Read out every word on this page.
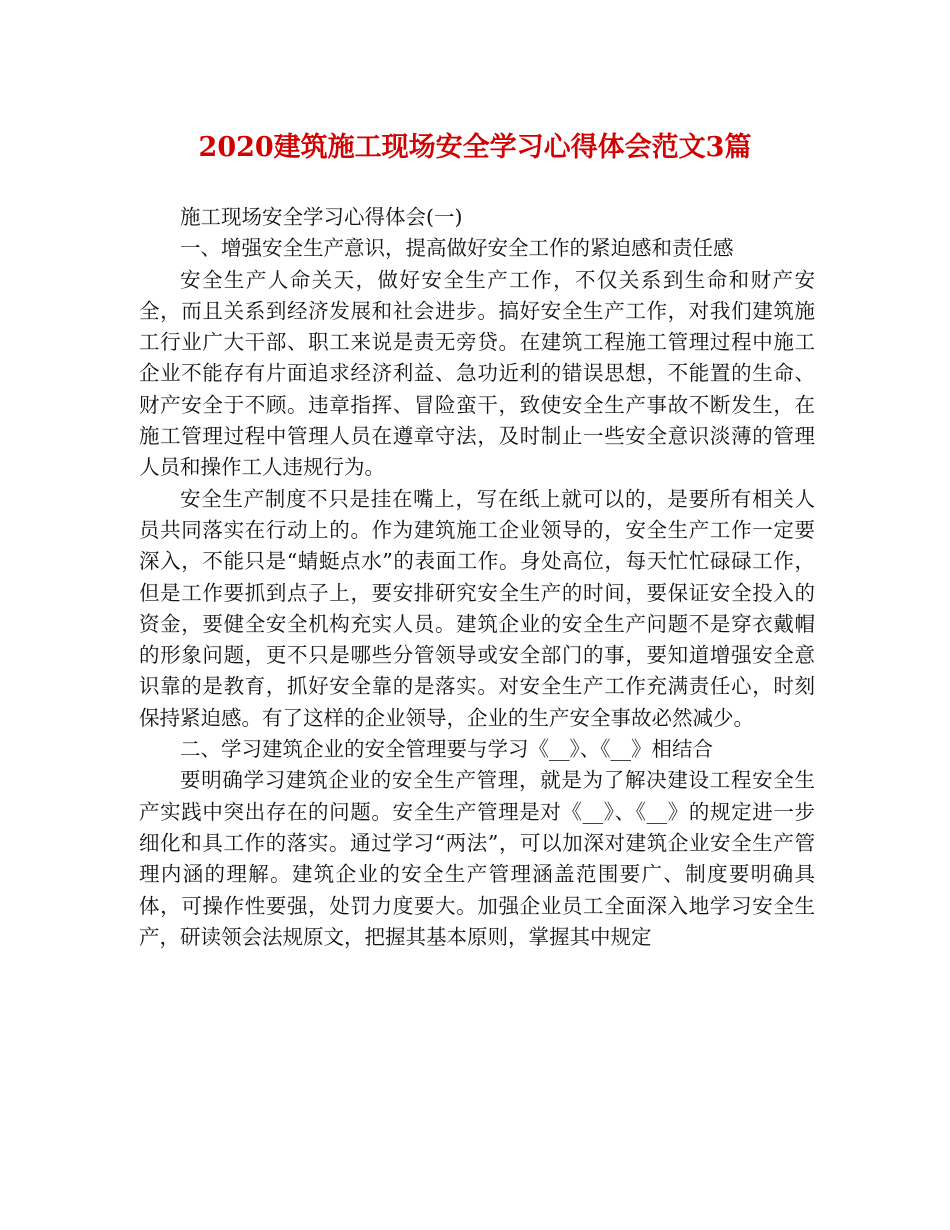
2020建筑施工现场安全学习心得体会范文3篇

施工现场安全学习心得体会(一)

一、增强安全生产意识，提高做好安全工作的紧迫感和责任感

安全生产人命关天，做好安全生产工作，不仅关系到生命和财产安全，而且关系到经济发展和社会进步。搞好安全生产工作，对我们建筑施工行业广大干部、职工来说是责无旁贷。在建筑工程施工管理过程中施工企业不能存有片面追求经济利益、急功近利的错误思想，不能置的生命、财产安全于不顾。违章指挥、冒险蛮干，致使安全生产事故不断发生，在施工管理过程中管理人员在遵章守法，及时制止一些安全意识淡薄的管理人员和操作工人违规行为。

安全生产制度不只是挂在嘴上，写在纸上就可以的，是要所有相关人员共同落实在行动上的。作为建筑施工企业领导的，安全生产工作一定要深入，不能只是“蜻蜓点水”的表面工作。身处高位，每天忙忙碌碌工作，但是工作要抓到点子上，要安排研究安全生产的时间，要保证安全投入的资金，要健全安全机构充实人员。建筑企业的安全生产问题不是穿衣戴帽的形象问题，更不只是哪些分管领导或安全部门的事，要知道增强安全意识靠的是教育，抓好安全靠的是落实。对安全生产工作充满责任心，时刻保持紧迫感。有了这样的企业领导，企业的生产安全事故必然减少。

二、学习建筑企业的安全管理要与学习《__》、《__》相结合

要明确学习建筑企业的安全生产管理，就是为了解决建设工程安全生产实践中突出存在的问题。安全生产管理是对《__》、《__》的规定进一步细化和具工作的落实。通过学习“两法”，可以加深对建筑企业安全生产管理内涵的理解。建筑企业的安全生产管理涵盖范围要广、制度要明确具体，可操作性要强，处罚力度要大。加强企业员工全面深入地学习安全生产，研读领会法规原文，把握其基本原则，掌握其中规定
